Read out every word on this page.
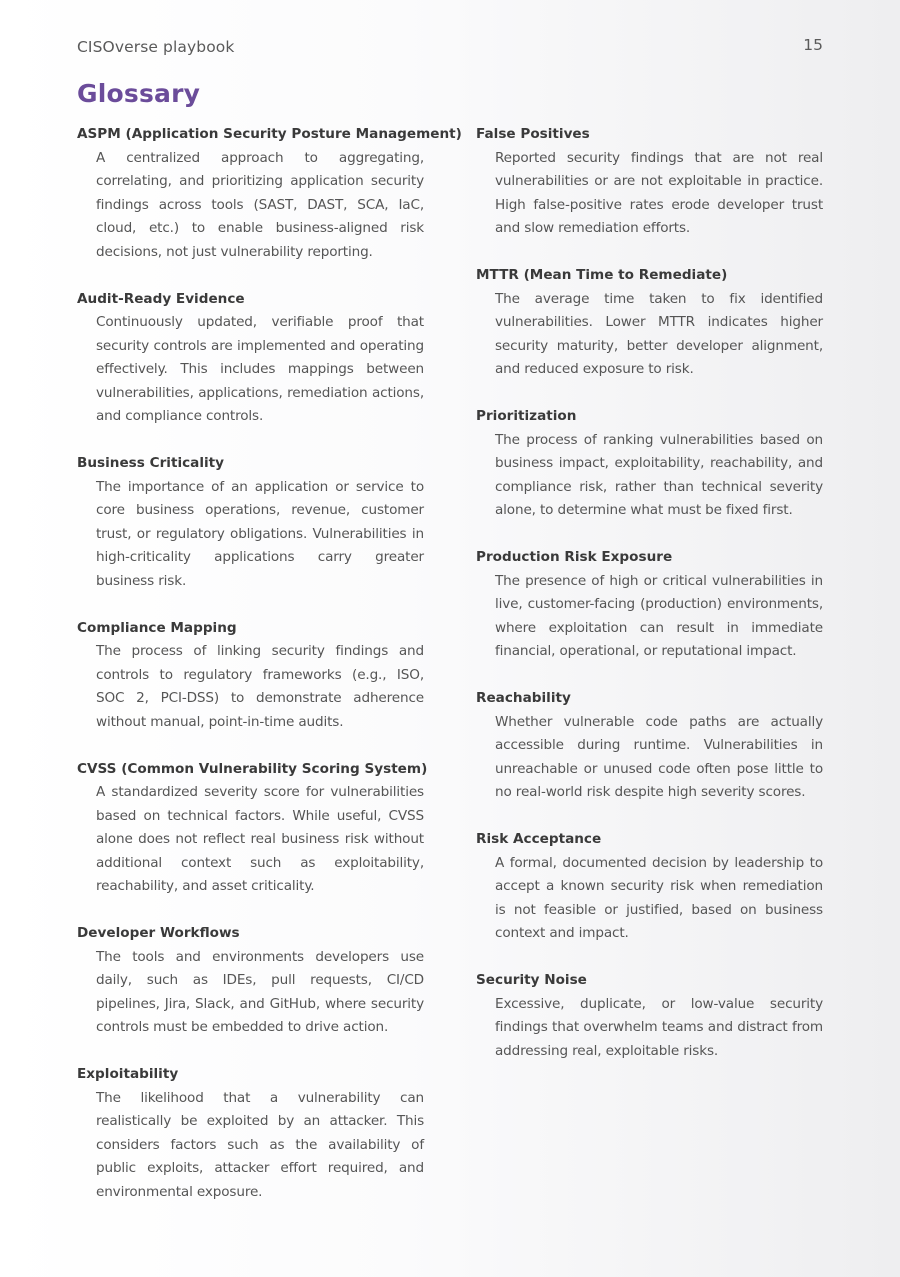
CISOverse playbook	15
Glossary
ASPM (Application Security Posture Management)
A centralized approach to aggregating, correlating, and prioritizing application security findings across tools (SAST, DAST, SCA, IaC, cloud, etc.) to enable business-aligned risk decisions, not just vulnerability reporting.
Audit-Ready Evidence
Continuously updated, verifiable proof that security controls are implemented and operating effectively. This includes mappings between vulnerabilities, applications, remediation actions, and compliance controls.
Business Criticality
The importance of an application or service to core business operations, revenue, customer trust, or regulatory obligations. Vulnerabilities in high-criticality applications carry greater business risk.
Compliance Mapping
The process of linking security findings and controls to regulatory frameworks (e.g., ISO, SOC 2, PCI-DSS) to demonstrate adherence without manual, point-in-time audits.
CVSS (Common Vulnerability Scoring System)
A standardized severity score for vulnerabilities based on technical factors. While useful, CVSS alone does not reflect real business risk without additional context such as exploitability, reachability, and asset criticality.
Developer Workflows
The tools and environments developers use daily, such as IDEs, pull requests, CI/CD pipelines, Jira, Slack, and GitHub, where security controls must be embedded to drive action.
Exploitability
The likelihood that a vulnerability can realistically be exploited by an attacker. This considers factors such as the availability of public exploits, attacker effort required, and environmental exposure.
False Positives
Reported security findings that are not real vulnerabilities or are not exploitable in practice. High false-positive rates erode developer trust and slow remediation efforts.
MTTR (Mean Time to Remediate)
The average time taken to fix identified vulnerabilities. Lower MTTR indicates higher security maturity, better developer alignment, and reduced exposure to risk.
Prioritization
The process of ranking vulnerabilities based on business impact, exploitability, reachability, and compliance risk, rather than technical severity alone, to determine what must be fixed first.
Production Risk Exposure
The presence of high or critical vulnerabilities in live, customer-facing (production) environments, where exploitation can result in immediate financial, operational, or reputational impact.
Reachability
Whether vulnerable code paths are actually accessible during runtime. Vulnerabilities in unreachable or unused code often pose little to no real-world risk despite high severity scores.
Risk Acceptance
A formal, documented decision by leadership to accept a known security risk when remediation is not feasible or justified, based on business context and impact.
Security Noise
Excessive, duplicate, or low-value security findings that overwhelm teams and distract from addressing real, exploitable risks.
